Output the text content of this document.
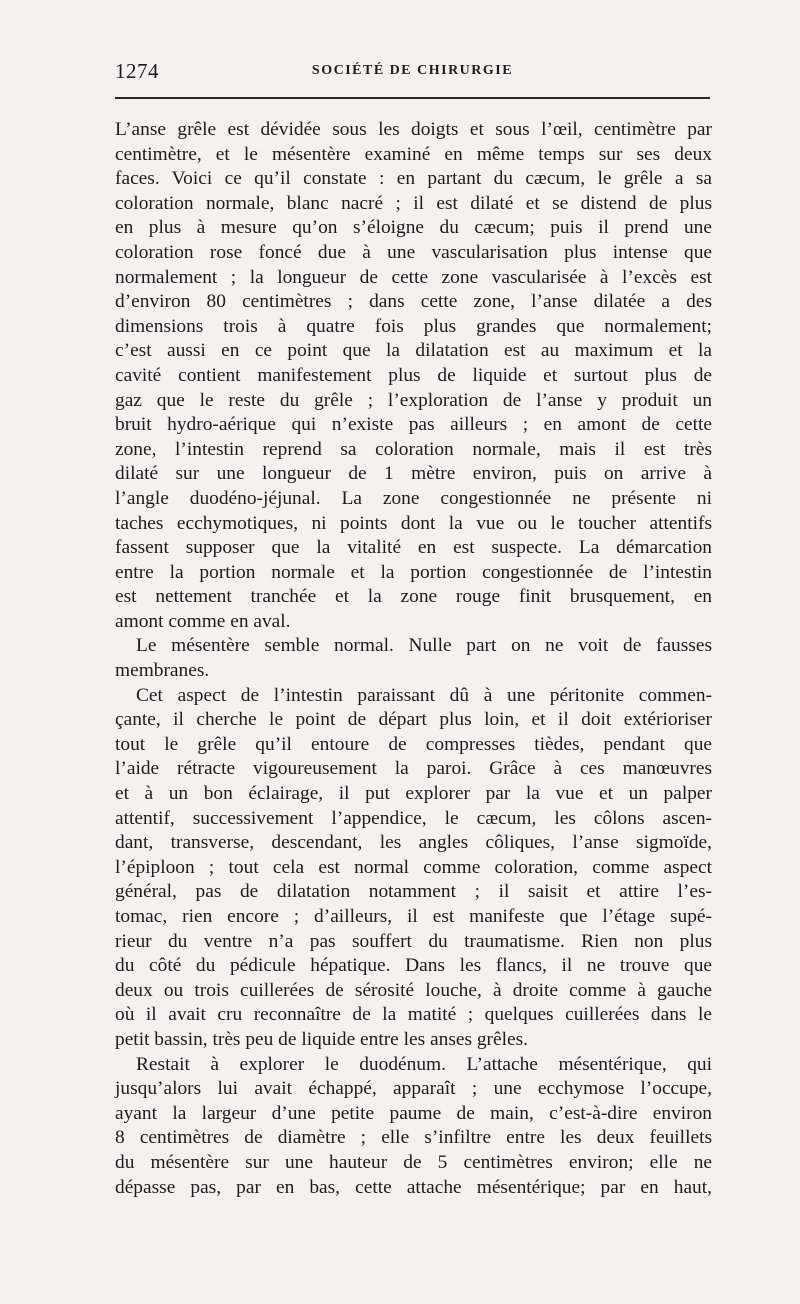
1274	SOCIÉTÉ DE CHIRURGIE
L’anse grêle est dévidée sous les doigts et sous l’œil, centimètre par
centimètre, et le mésentère examiné en même temps sur ses deux
faces. Voici ce qu’il constate : en partant du cæcum, le grêle a sa
coloration normale, blanc nacré ; il est dilaté et se distend de plus
en plus à mesure qu’on s’éloigne du cæcum; puis il prend une
coloration rose foncé due à une vascularisation plus intense que
normalement ; la longueur de cette zone vascularisée à l’excès est
d’environ 80 centimètres ; dans cette zone, l’anse dilatée a des
dimensions trois à quatre fois plus grandes que normalement;
c’est aussi en ce point que la dilatation est au maximum et la
cavité contient manifestement plus de liquide et surtout plus de
gaz que le reste du grêle ; l’exploration de l’anse y produit un
bruit hydro-aérique qui n’existe pas ailleurs ; en amont de cette
zone, l’intestin reprend sa coloration normale, mais il est très
dilaté sur une longueur de 1 mètre environ, puis on arrive à
l’angle duodéno-jéjunal. La zone congestionnée ne présente ni
taches ecchymotiques, ni points dont la vue ou le toucher attentifs
fassent supposer que la vitalité en est suspecte. La démarcation
entre la portion normale et la portion congestionnée de l’intestin
est nettement tranchée et la zone rouge finit brusquement, en
amont comme en aval.
Le mésentère semble normal. Nulle part on ne voit de fausses
membranes.
Cet aspect de l’intestin paraissant dû à une péritonite commen-
çante, il cherche le point de départ plus loin, et il doit extérioriser
tout le grêle qu’il entoure de compresses tièdes, pendant que
l’aide rétracte vigoureusement la paroi. Grâce à ces manœuvres
et à un bon éclairage, il put explorer par la vue et un palper
attentif, successivement l’appendice, le cæcum, les côlons ascen-
dant, transverse, descendant, les angles côliques, l’anse sigmoïde,
l’épiploon ; tout cela est normal comme coloration, comme aspect
général, pas de dilatation notamment ; il saisit et attire l’es-
tomac, rien encore ; d’ailleurs, il est manifeste que l’étage supé-
rieur du ventre n’a pas souffert du traumatisme. Rien non plus
du côté du pédicule hépatique. Dans les flancs, il ne trouve que
deux ou trois cuillerées de sérosité louche, à droite comme à gauche
où il avait cru reconnaître de la matité ; quelques cuillerées dans le
petit bassin, très peu de liquide entre les anses grêles.
Restait à explorer le duodénum. L’attache mésentérique, qui
jusqu’alors lui avait échappé, apparaît ; une ecchymose l’occupe,
ayant la largeur d’une petite paume de main, c’est-à-dire environ
8 centimètres de diamètre ; elle s’infiltre entre les deux feuillets
du mésentère sur une hauteur de 5 centimètres environ; elle ne
dépasse pas, par en bas, cette attache mésentérique; par en haut,
